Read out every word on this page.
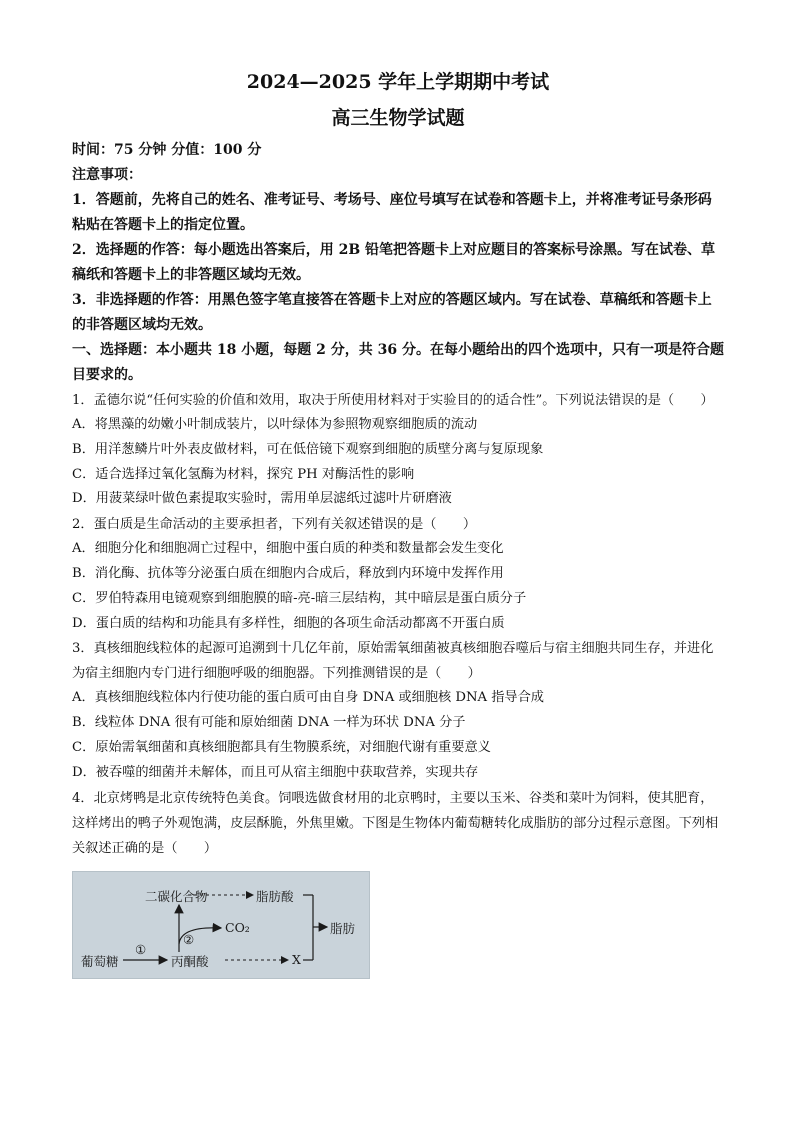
2024—2025 学年上学期期中考试
高三生物学试题
时间：75 分钟 分值：100 分
注意事项：
1．答题前，先将自己的姓名、准考证号、考场号、座位号填写在试卷和答题卡上，并将准考证号条形码粘贴在答题卡上的指定位置。
2．选择题的作答：每小题选出答案后，用 2B 铅笔把答题卡上对应题目的答案标号涂黑。写在试卷、草稿纸和答题卡上的非答题区域均无效。
3．非选择题的作答：用黑色签字笔直接答在答题卡上对应的答题区域内。写在试卷、草稿纸和答题卡上的非答题区域均无效。
一、选择题：本小题共 18 小题，每题 2 分，共 36 分。在每小题给出的四个选项中，只有一项是符合题目要求的。
1．孟德尔说“任何实验的价值和效用，取决于所使用材料对于实验目的的适合性”。下列说法错误的是（　　）
A．将黑藻的幼嫩小叶制成装片，以叶绿体为参照物观察细胞质的流动
B．用洋葱鳞片叶外表皮做材料，可在低倍镜下观察到细胞的质壁分离与复原现象
C．适合选择过氧化氢酶为材料，探究 PH 对酶活性的影响
D．用菠菜绿叶做色素提取实验时，需用单层滤纸过滤叶片研磨液
2．蛋白质是生命活动的主要承担者，下列有关叙述错误的是（　　）
A．细胞分化和细胞凋亡过程中，细胞中蛋白质的种类和数量都会发生变化
B．消化酶、抗体等分泌蛋白质在细胞内合成后，释放到内环境中发挥作用
C．罗伯特森用电镜观察到细胞膜的暗-亮-暗三层结构，其中暗层是蛋白质分子
D．蛋白质的结构和功能具有多样性，细胞的各项生命活动都离不开蛋白质
3．真核细胞线粒体的起源可追溯到十几亿年前，原始需氧细菌被真核细胞吞噬后与宿主细胞共同生存，并进化为宿主细胞内专门进行细胞呼吸的细胞器。下列推测错误的是（　　）
A．真核细胞线粒体内行使功能的蛋白质可由自身 DNA 或细胞核 DNA 指导合成
B．线粒体 DNA 很有可能和原始细菌 DNA 一样为环状 DNA 分子
C．原始需氧细菌和真核细胞都具有生物膜系统，对细胞代谢有重要意义
D．被吞噬的细菌并未解体，而且可从宿主细胞中获取营养，实现共存
4．北京烤鸭是北京传统特色美食。饲喂选做食材用的北京鸭时，主要以玉米、谷类和菜叶为饲料，使其肥育，这样烤出的鸭子外观饱满，皮层酥脆，外焦里嫩。下图是生物体内葡萄糖转化成脂肪的部分过程示意图。下列相关叙述正确的是（　　）
二碳化合物	脂肪酸
CO₂	脂肪
葡萄糖
①
②
丙酮酸	X
